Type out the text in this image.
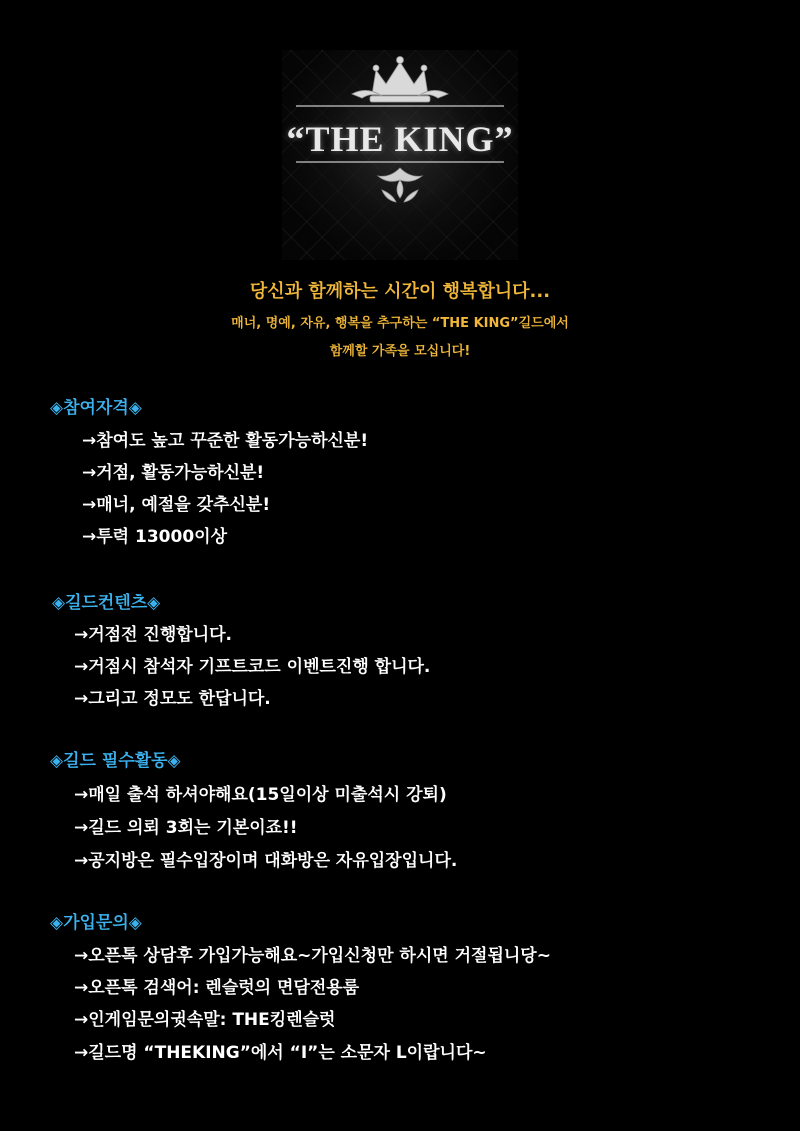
“THE KING”
당신과 함께하는 시간이 행복합니다...
매너, 명예, 자유, 행복을 추구하는 “THE KING”길드에서
함께할 가족을 모십니다!
◈참여자격◈
→참여도 높고 꾸준한 활동가능하신분!
→거점, 활동가능하신분!
→매너, 예절을 갖추신분!
→투력 13000이상
◈길드컨텐츠◈
→거점전 진행합니다.
→거점시 참석자 기프트코드 이벤트진행 합니다.
→그리고 정모도 한답니다.
◈길드 필수활동◈
→매일 출석 하셔야해요(15일이상 미출석시 강퇴)
→길드 의뢰 3회는 기본이죠!!
→공지방은 필수입장이며 대화방은 자유입장입니다.
◈가입문의◈
→오픈톡 상담후 가입가능해요~가입신청만 하시면 거절됩니당~
→오픈톡 검색어: 렌슬럿의 면담전용룸
→인게임문의귓속말: THE킹렌슬럿
→길드명 “THEKING”에서 “I”는 소문자 L이랍니다~
